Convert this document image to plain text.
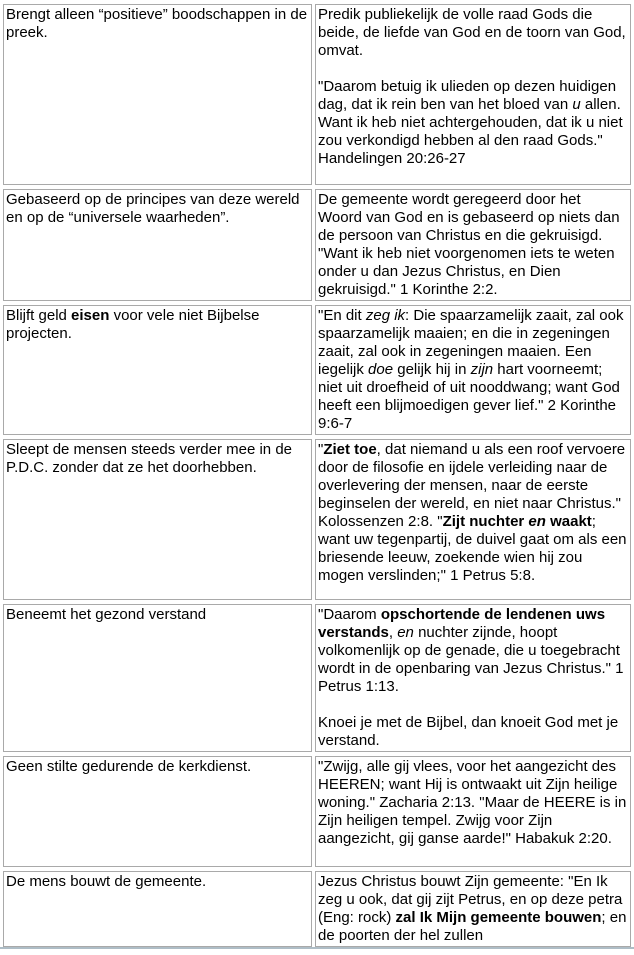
Brengt alleen “positieve” boodschappen in de preek.	Predik publiekelijk de volle raad Gods die beide, de liefde van God en de toorn van God, omvat.
"Daarom betuig ik ulieden op dezen huidigen dag, dat ik rein ben van het bloed van u allen. Want ik heb niet achtergehouden, dat ik u niet zou verkondigd hebben al den raad Gods." Handelingen 20:26-27

Gebaseerd op de principes van deze wereld en op de “universele waarheden”.	De gemeente wordt geregeerd door het Woord van God en is gebaseerd op niets dan de persoon van Christus en die gekruisigd. "Want ik heb niet voorgenomen iets te weten onder u dan Jezus Christus, en Dien gekruisigd." 1 Korinthe 2:2.

Blijft geld eisen voor vele niet Bijbelse projecten.	"En dit zeg ik: Die spaarzamelijk zaait, zal ook spaarzamelijk maaien; en die in zegeningen zaait, zal ook in zegeningen maaien. Een iegelijk doe gelijk hij in zijn hart voorneemt; niet uit droefheid of uit nooddwang; want God heeft een blijmoedigen gever lief." 2 Korinthe 9:6-7

Sleept de mensen steeds verder mee in de P.D.C. zonder dat ze het doorhebben.	"Ziet toe, dat niemand u als een roof vervoere door de filosofie en ijdele verleiding naar de overlevering der mensen, naar de eerste beginselen der wereld, en niet naar Christus." Kolossenzen 2:8. "Zijt nuchter en waakt; want uw tegenpartij, de duivel gaat om als een briesende leeuw, zoekende wien hij zou mogen verslinden;" 1 Petrus 5:8.

Beneemt het gezond verstand	"Daarom opschortende de lendenen uws verstands, en nuchter zijnde, hoopt volkomenlijk op de genade, die u toegebracht wordt in de openbaring van Jezus Christus." 1 Petrus 1:13.
Knoei je met de Bijbel, dan knoeit God met je verstand.

Geen stilte gedurende de kerkdienst.	"Zwijg, alle gij vlees, voor het aangezicht des HEEREN; want Hij is ontwaakt uit Zijn heilige woning." Zacharia 2:13. "Maar de HEERE is in Zijn heiligen tempel. Zwijg voor Zijn aangezicht, gij ganse aarde!" Habakuk 2:20.

De mens bouwt de gemeente.	Jezus Christus bouwt Zijn gemeente: "En Ik zeg u ook, dat gij zijt Petrus, en op deze petra (Eng: rock) zal Ik Mijn gemeente bouwen; en de poorten der hel zullen
